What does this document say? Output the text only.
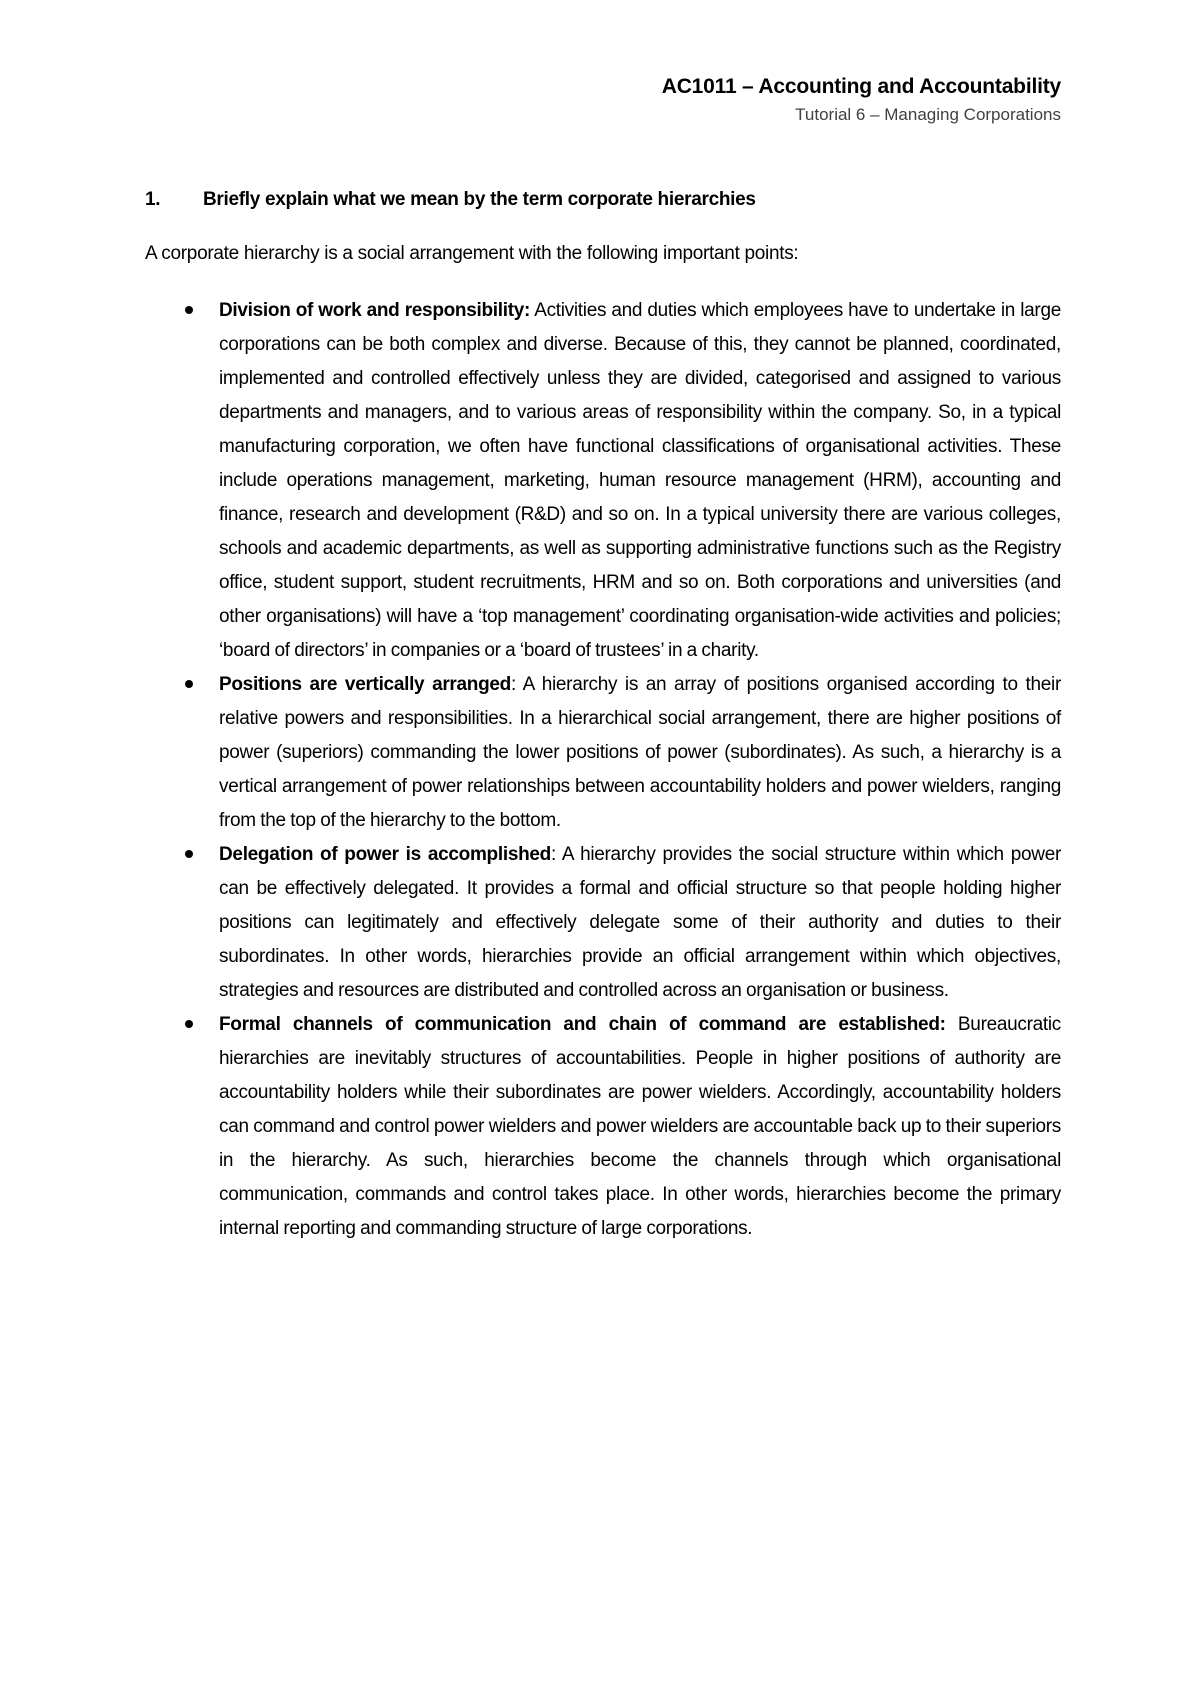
AC1011 – Accounting and Accountability
Tutorial 6 – Managing Corporations
1. Briefly explain what we mean by the term corporate hierarchies
A corporate hierarchy is a social arrangement with the following important points:
Division of work and responsibility: Activities and duties which employees have to undertake in large corporations can be both complex and diverse. Because of this, they cannot be planned, coordinated, implemented and controlled effectively unless they are divided, categorised and assigned to various departments and managers, and to various areas of responsibility within the company. So, in a typical manufacturing corporation, we often have functional classifications of organisational activities. These include operations management, marketing, human resource management (HRM), accounting and finance, research and development (R&D) and so on. In a typical university there are various colleges, schools and academic departments, as well as supporting administrative functions such as the Registry office, student support, student recruitments, HRM and so on. Both corporations and universities (and other organisations) will have a ‘top management’ coordinating organisation-wide activities and policies; ‘board of directors’ in companies or a ‘board of trustees’ in a charity.
Positions are vertically arranged: A hierarchy is an array of positions organised according to their relative powers and responsibilities. In a hierarchical social arrangement, there are higher positions of power (superiors) commanding the lower positions of power (subordinates). As such, a hierarchy is a vertical arrangement of power relationships between accountability holders and power wielders, ranging from the top of the hierarchy to the bottom.
Delegation of power is accomplished: A hierarchy provides the social structure within which power can be effectively delegated. It provides a formal and official structure so that people holding higher positions can legitimately and effectively delegate some of their authority and duties to their subordinates. In other words, hierarchies provide an official arrangement within which objectives, strategies and resources are distributed and controlled across an organisation or business.
Formal channels of communication and chain of command are established: Bureaucratic hierarchies are inevitably structures of accountabilities. People in higher positions of authority are accountability holders while their subordinates are power wielders. Accordingly, accountability holders can command and control power wielders and power wielders are accountable back up to their superiors in the hierarchy. As such, hierarchies become the channels through which organisational communication, commands and control takes place. In other words, hierarchies become the primary internal reporting and commanding structure of large corporations.
